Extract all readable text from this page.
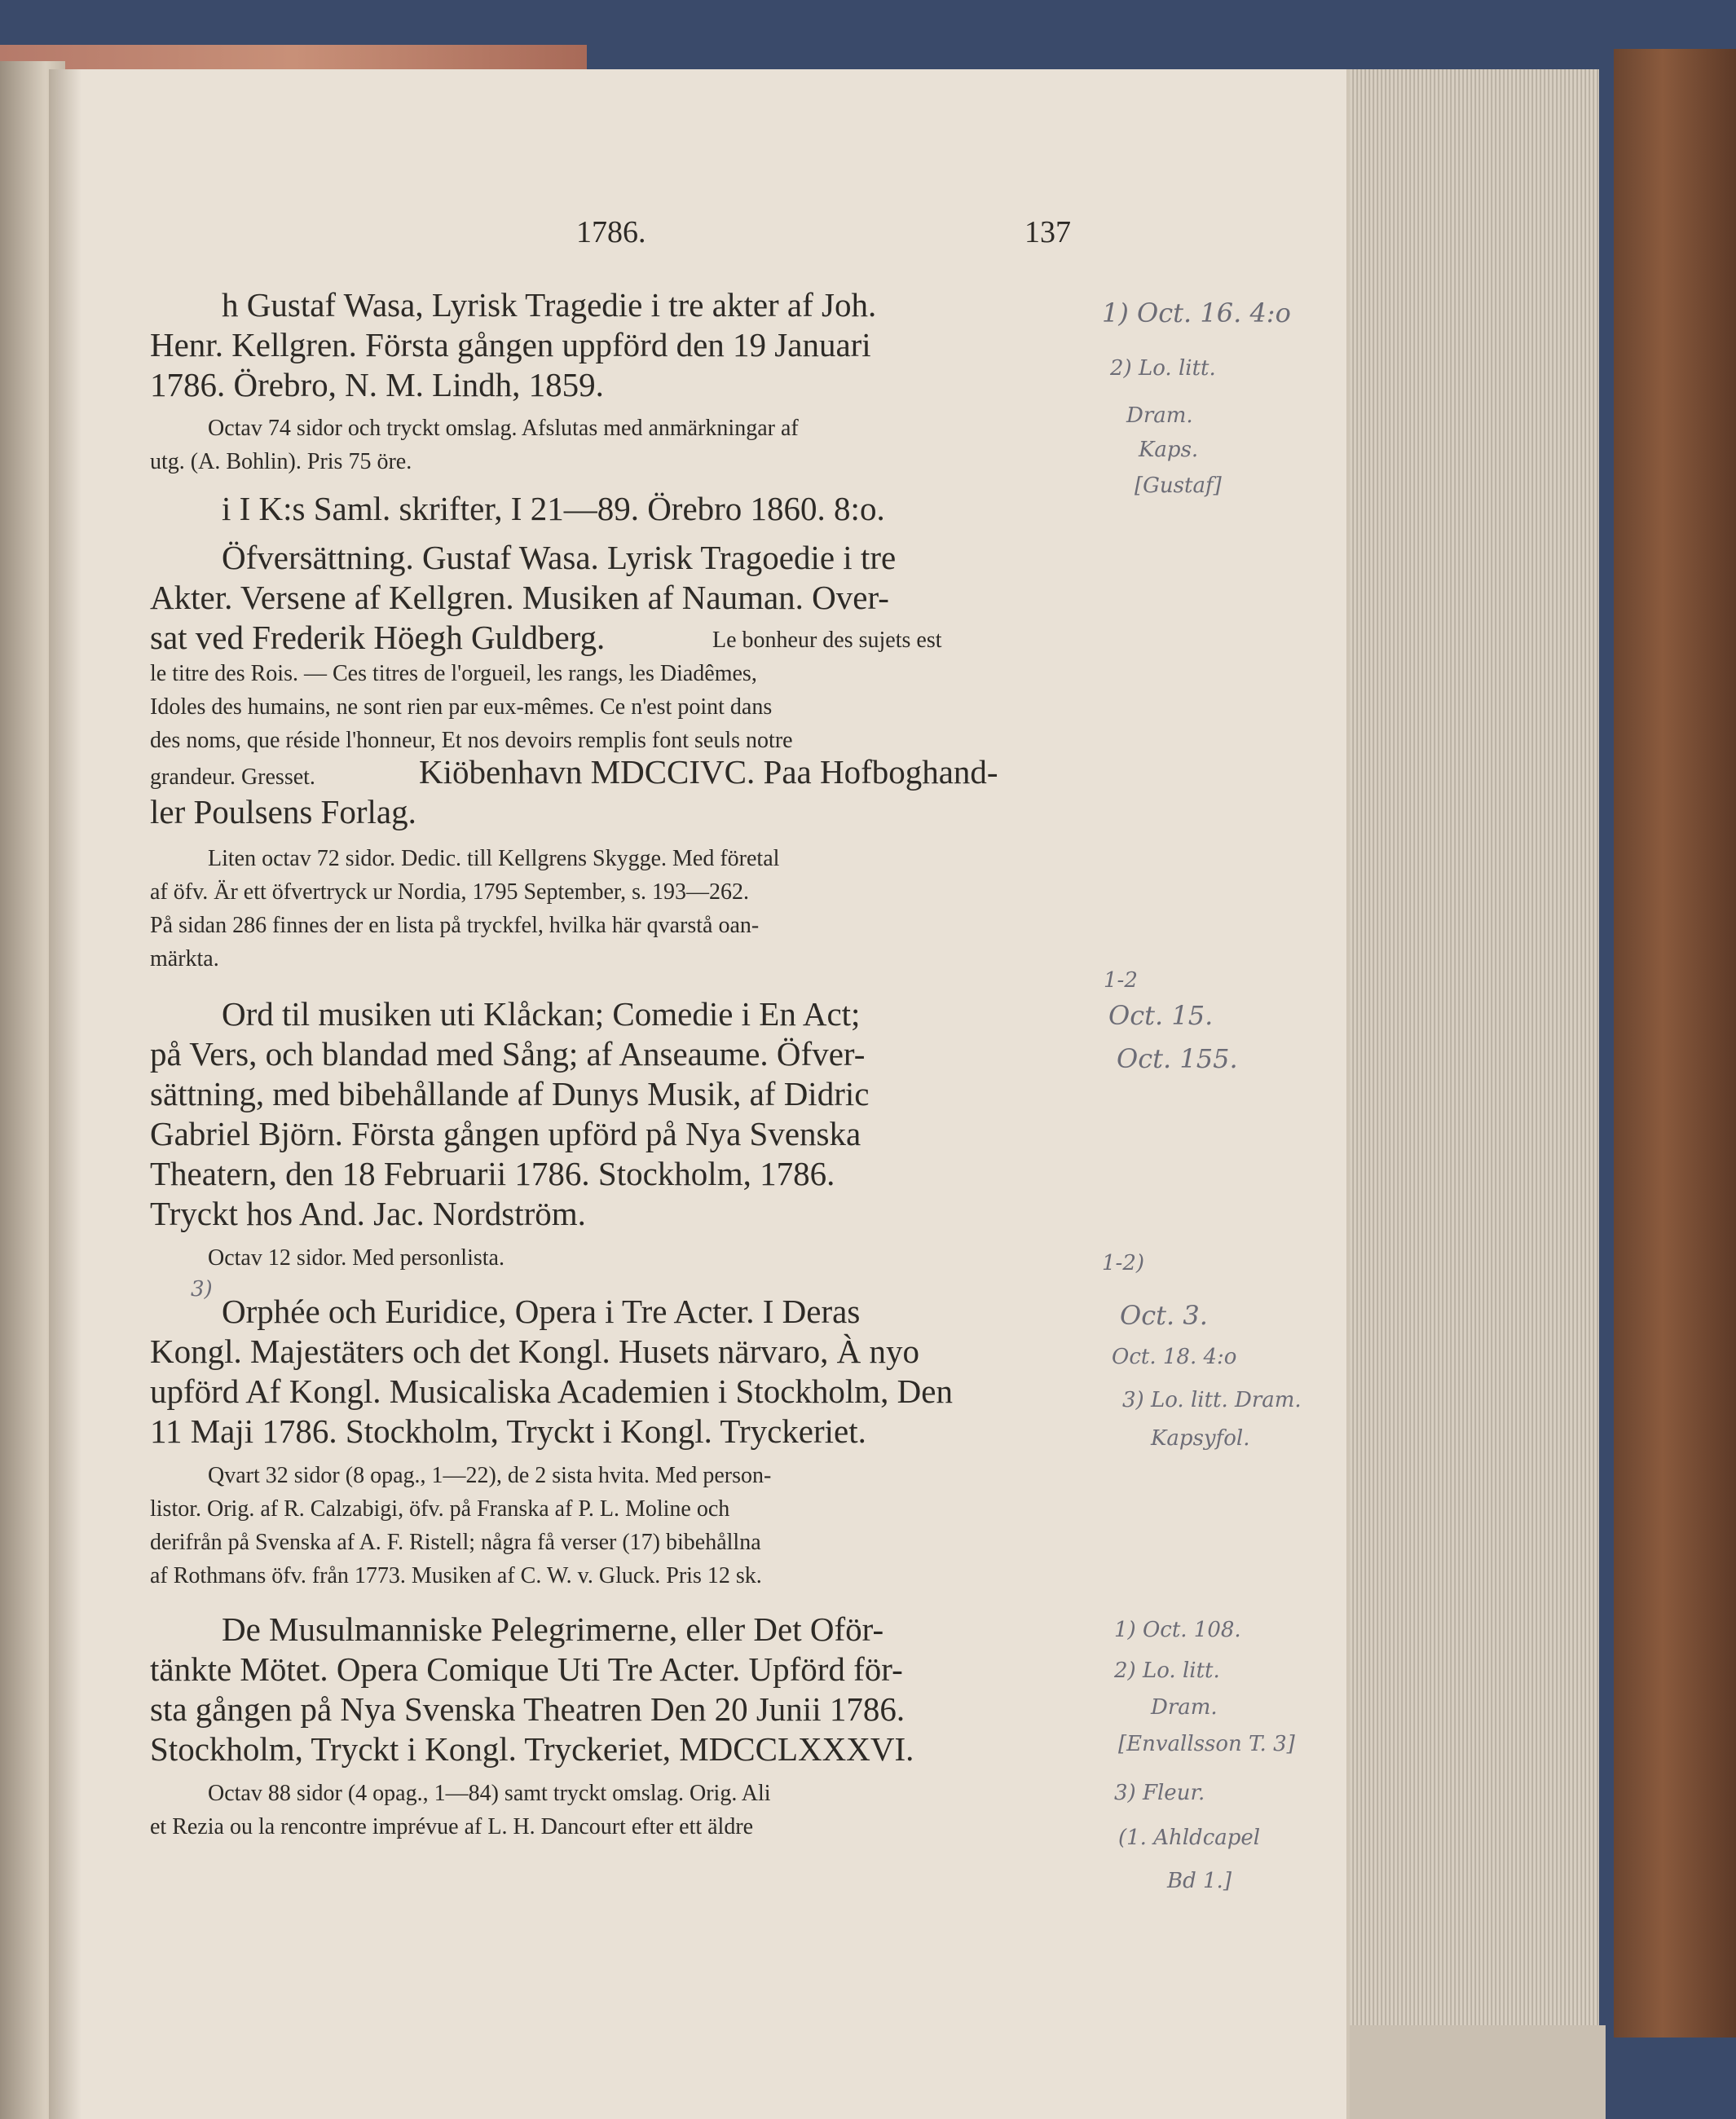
1786.	137

h Gustaf Wasa, Lyrisk Tragedie i tre akter af Joh.

Henr. Kellgren. Första gången uppförd den 19 Januari

1786. Örebro, N. M. Lindh, 1859.

Octav 74 sidor och tryckt omslag. Afslutas med anmärkningar af

utg. (A. Bohlin). Pris 75 öre.

i I K:s Saml. skrifter, I 21—89. Örebro 1860. 8:o.

Öfversättning. Gustaf Wasa. Lyrisk Tragoedie i tre

Akter. Versene af Kellgren. Musiken af Nauman. Over-

sat ved Frederik Höegh Guldberg.	Le bonheur des sujets est

le titre des Rois. — Ces titres de l'orgueil, les rangs, les Diadêmes,

Idoles des humains, ne sont rien par eux-mêmes. Ce n'est point dans

des noms, que réside l'honneur, Et nos devoirs remplis font seuls notre

grandeur. Gresset.	Kiöbenhavn MDCCIVC. Paa Hofboghand-

ler Poulsens Forlag.

Liten octav 72 sidor. Dedic. till Kellgrens Skygge. Med företal

af öfv. Är ett öfvertryck ur Nordia, 1795 September, s. 193—262.

På sidan 286 finnes der en lista på tryckfel, hvilka här qvarstå oan-

märkta.

Ord til musiken uti Klåckan; Comedie i En Act;

på Vers, och blandad med Sång; af Anseaume. Öfver-

sättning, med bibehållande af Dunys Musik, af Didric

Gabriel Björn. Första gången upförd på Nya Svenska

Theatern, den 18 Februarii 1786. Stockholm, 1786.

Tryckt hos And. Jac. Nordström.

Octav 12 sidor. Med personlista.

Orphée och Euridice, Opera i Tre Acter. I Deras

Kongl. Majestäters och det Kongl. Husets närvaro, À nyo

upförd Af Kongl. Musicaliska Academien i Stockholm, Den

11 Maji 1786. Stockholm, Tryckt i Kongl. Tryckeriet.

Qvart 32 sidor (8 opag., 1—22), de 2 sista hvita. Med person-

listor. Orig. af R. Calzabigi, öfv. på Franska af P. L. Moline och

derifrån på Svenska af A. F. Ristell; några få verser (17) bibehållna

af Rothmans öfv. från 1773. Musiken af C. W. v. Gluck. Pris 12 sk.

De Musulmanniske Pelegrimerne, eller Det Oför-

tänkte Mötet. Opera Comique Uti Tre Acter. Upförd för-

sta gången på Nya Svenska Theatren Den 20 Junii 1786.

Stockholm, Tryckt i Kongl. Tryckeriet, MDCCLXXXVI.

Octav 88 sidor (4 opag., 1—84) samt tryckt omslag. Orig. Ali

et Rezia ou la rencontre imprévue af L. H. Dancourt efter ett äldre

1) Oct. 16. 4:o
2) Lo. litt.
Dram.
Kaps.
[Gustaf]
1-2
Oct. 15.
Oct. 155.
1-2)
3)
Oct. 3.
Oct. 18. 4:o
3) Lo. litt. Dram.
Kapsyfol.
1) Oct. 108.
2) Lo. litt.
Dram.
[Envallsson T. 3]
3) Fleur.
(1. Ahldcapel
Bd 1.]
